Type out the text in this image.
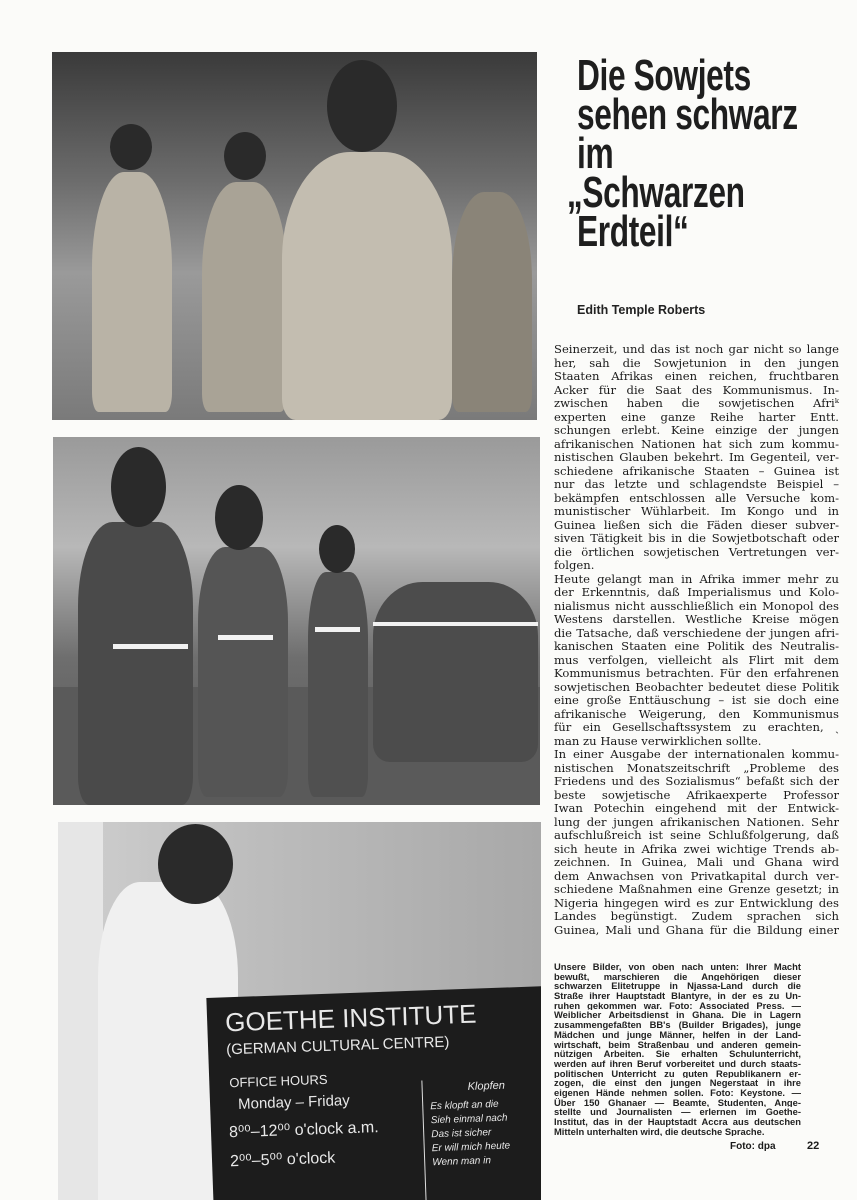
GOETHE INSTITUTE
(GERMAN CULTURAL CENTRE)
OFFICE HOURS
Monday – Friday
8⁰⁰–12⁰⁰ o'clock a.m.
2⁰⁰–5⁰⁰ o'clock
Klopfen
Es klopft an die
Sieh einmal nach
Das ist sicher
Er will mich heute
Wenn man in
Die Sowjets
sehen schwarz
im
„Schwarzen
Erdteil“
Edith Temple Roberts
Seinerzeit, und das ist noch gar nicht so lange
her, sah die Sowjetunion in den jungen
Staaten Afrikas einen reichen, fruchtbaren
Acker für die Saat des Kommunismus. In-
zwischen haben die sowjetischen Afriᵏ
experten eine ganze Reihe harter Entt.
schungen erlebt. Keine einzige der jungen
afrikanischen Nationen hat sich zum kommu-
nistischen Glauben bekehrt. Im Gegenteil, ver-
schiedene afrikanische Staaten – Guinea ist
nur das letzte und schlagendste Beispiel –
bekämpfen entschlossen alle Versuche kom-
munistischer Wühlarbeit. Im Kongo und in
Guinea ließen sich die Fäden dieser subver-
siven Tätigkeit bis in die Sowjetbotschaft oder
die örtlichen sowjetischen Vertretungen ver-
folgen.
Heute gelangt man in Afrika immer mehr zu
der Erkenntnis, daß Imperialismus und Kolo-
nialismus nicht ausschließlich ein Monopol des
Westens darstellen. Westliche Kreise mögen
die Tatsache, daß verschiedene der jungen afri-
kanischen Staaten eine Politik des Neutralis-
mus verfolgen, vielleicht als Flirt mit dem
Kommunismus betrachten. Für den erfahrenen
sowjetischen Beobachter bedeutet diese Politik
eine große Enttäuschung – ist sie doch eine
afrikanische Weigerung, den Kommunismus
für ein Gesellschaftssystem zu erachten, ˎ
man zu Hause verwirklichen sollte.
In einer Ausgabe der internationalen kommu-
nistischen Monatszeitschrift „Probleme des
Friedens und des Sozialismus“ befaßt sich der
beste sowjetische Afrikaexperte Professor
Iwan Potechin eingehend mit der Entwick-
lung der jungen afrikanischen Nationen. Sehr
aufschlußreich ist seine Schlußfolgerung, daß
sich heute in Afrika zwei wichtige Trends ab-
zeichnen. In Guinea, Mali und Ghana wird
dem Anwachsen von Privatkapital durch ver-
schiedene Maßnahmen eine Grenze gesetzt; in
Nigeria hingegen wird es zur Entwicklung des
Landes begünstigt. Zudem sprachen sich
Guinea, Mali und Ghana für die Bildung einer
Unsere Bilder, von oben nach unten: Ihrer Macht
bewußt, marschieren die Angehörigen dieser
schwarzen Elitetruppe in Njassa-Land durch die
Straße ihrer Hauptstadt Blantyre, in der es zu Un-
ruhen gekommen war. Foto: Associated Press. —
Weiblicher Arbeitsdienst in Ghana. Die in Lagern
zusammengefaßten BB's (Builder Brigades), junge
Mädchen und junge Männer, helfen in der Land-
wirtschaft, beim Straßenbau und anderen gemein-
nützigen Arbeiten. Sie erhalten Schulunterricht,
werden auf ihren Beruf vorbereitet und durch staats-
politischen Unterricht zu guten Republikanern er-
zogen, die einst den jungen Negerstaat in ihre
eigenen Hände nehmen sollen. Foto: Keystone. —
Über 150 Ghanaer — Beamte, Studenten, Ange-
stellte und Journalisten — erlernen im Goethe-
Institut, das in der Hauptstadt Accra aus deutschen
Mitteln unterhalten wird, die deutsche Sprache.
Foto: dpa	22
